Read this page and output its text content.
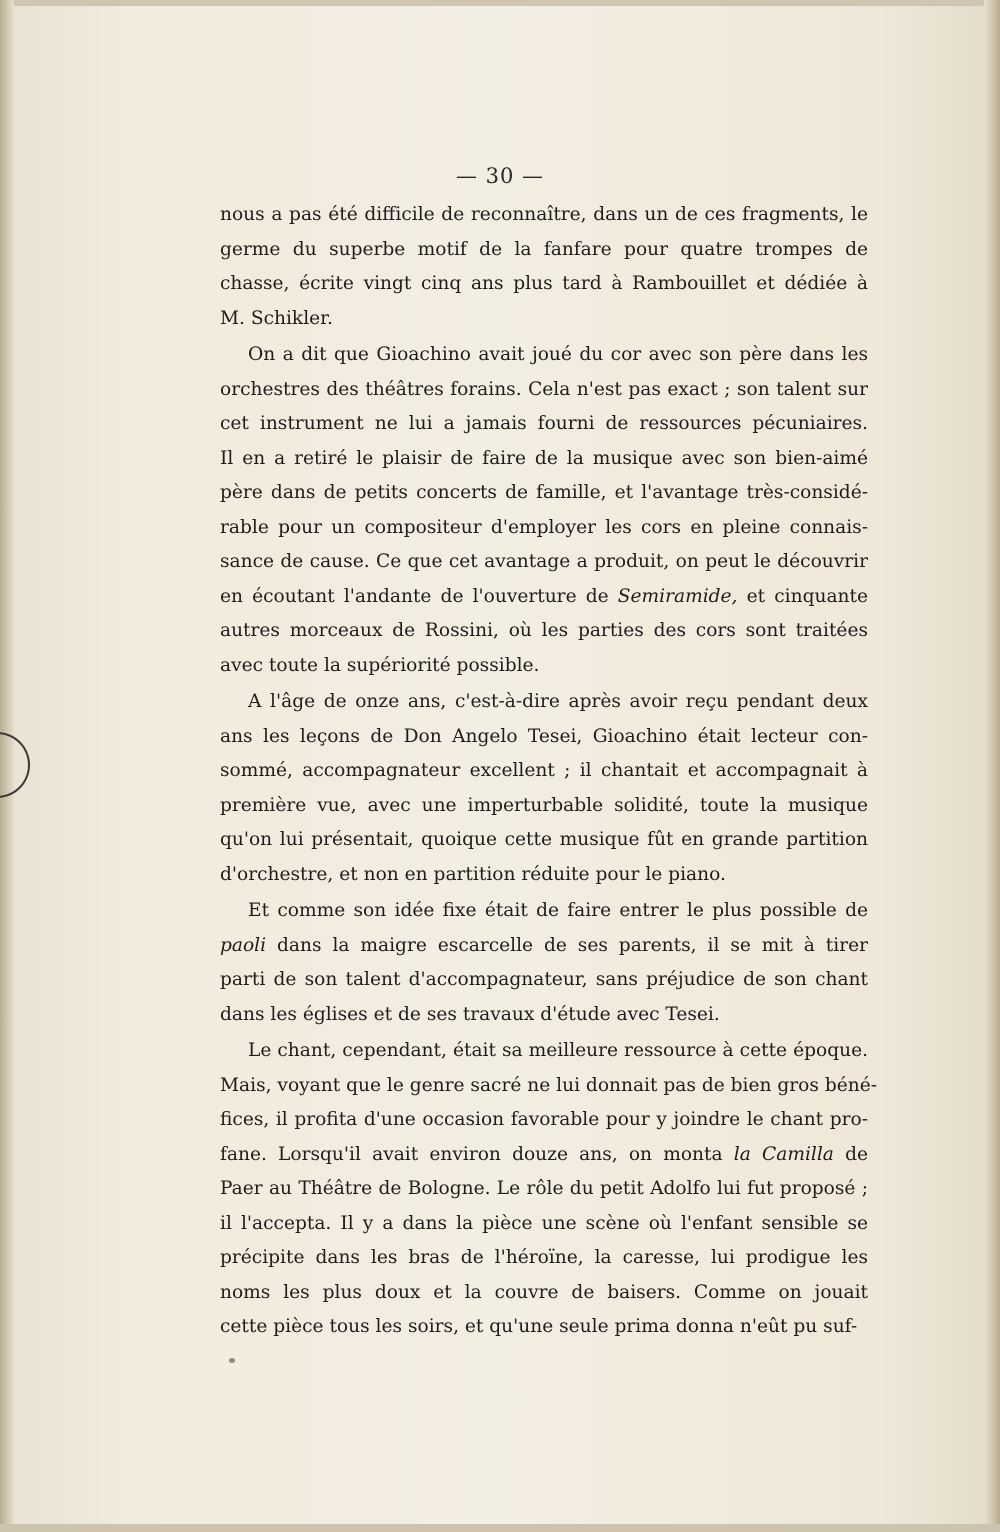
— 30 —
nous a pas été difficile de reconnaître, dans un de ces fragments, le
germe du superbe motif de la fanfare pour quatre trompes de
chasse, écrite vingt cinq ans plus tard à Rambouillet et dédiée à
M. Schikler.
On a dit que Gioachino avait joué du cor avec son père dans les
orchestres des théâtres forains. Cela n'est pas exact ; son talent sur
cet instrument ne lui a jamais fourni de ressources pécuniaires.
Il en a retiré le plaisir de faire de la musique avec son bien-aimé
père dans de petits concerts de famille, et l'avantage très-considé-
rable pour un compositeur d'employer les cors en pleine connais-
sance de cause. Ce que cet avantage a produit, on peut le découvrir
en écoutant l'andante de l'ouverture de Semiramide, et cinquante
autres morceaux de Rossini, où les parties des cors sont traitées
avec toute la supériorité possible.
A l'âge de onze ans, c'est-à-dire après avoir reçu pendant deux
ans les leçons de Don Angelo Tesei, Gioachino était lecteur con-
sommé, accompagnateur excellent ; il chantait et accompagnait à
première vue, avec une imperturbable solidité, toute la musique
qu'on lui présentait, quoique cette musique fût en grande partition
d'orchestre, et non en partition réduite pour le piano.
Et comme son idée fixe était de faire entrer le plus possible de
paoli dans la maigre escarcelle de ses parents, il se mit à tirer
parti de son talent d'accompagnateur, sans préjudice de son chant
dans les églises et de ses travaux d'étude avec Tesei.
Le chant, cependant, était sa meilleure ressource à cette époque.
Mais, voyant que le genre sacré ne lui donnait pas de bien gros béné-
fices, il profita d'une occasion favorable pour y joindre le chant pro-
fane. Lorsqu'il avait environ douze ans, on monta la Camilla de
Paer au Théâtre de Bologne. Le rôle du petit Adolfo lui fut proposé ;
il l'accepta. Il y a dans la pièce une scène où l'enfant sensible se
précipite dans les bras de l'héroïne, la caresse, lui prodigue les
noms les plus doux et la couvre de baisers. Comme on jouait
cette pièce tous les soirs, et qu'une seule prima donna n'eût pu suf-
